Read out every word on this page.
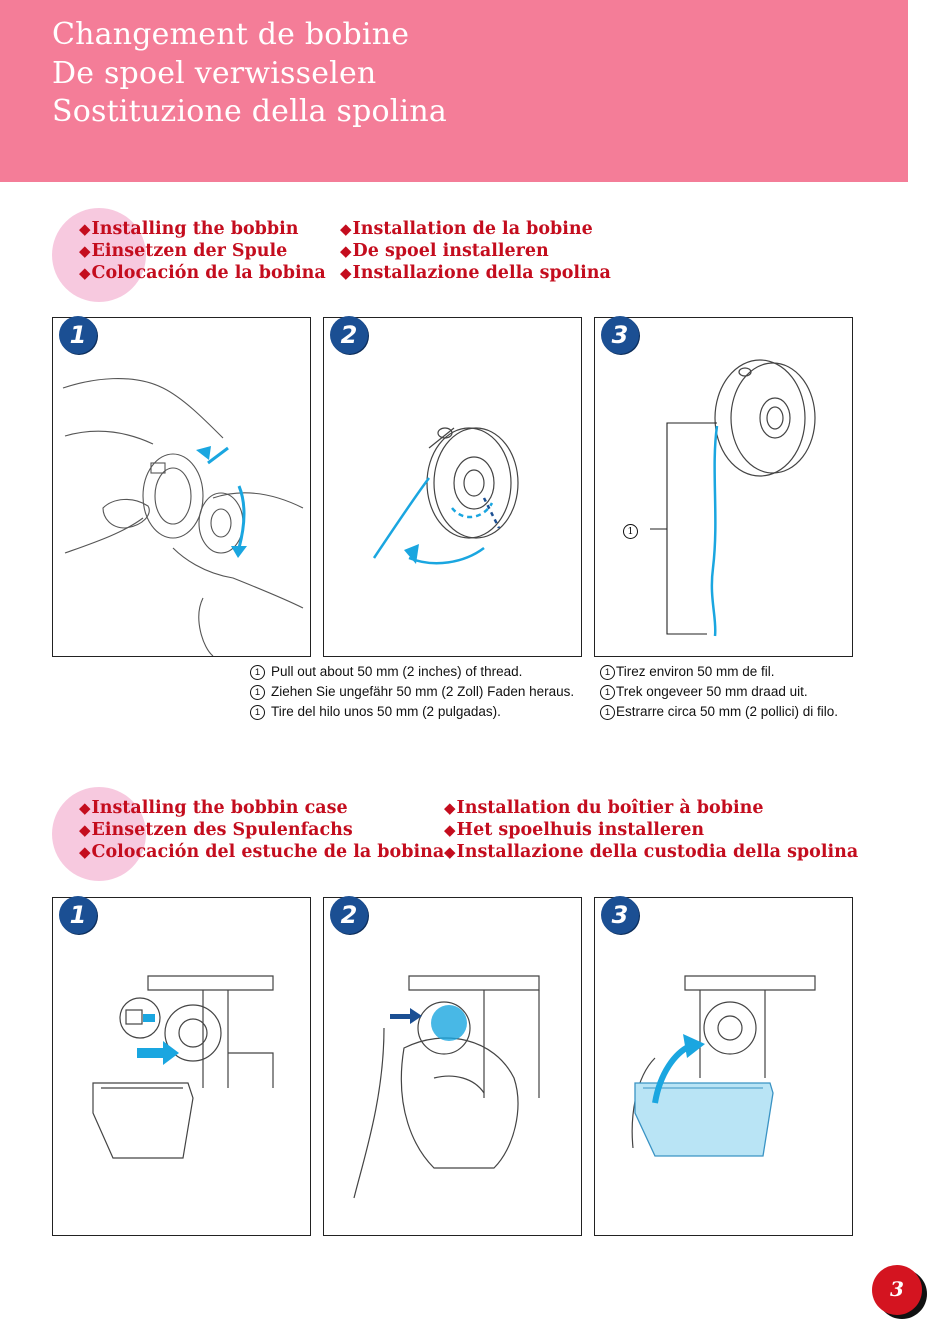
Changement de bobine
De spoel verwisselen
Sostituzione della spolina
◆Installing the bobbin
◆Einsetzen der Spule
◆Colocación de la bobina
◆Installation de la bobine
◆De spoel installeren
◆Installazione della spolina
1	2	3
1
1 Pull out about 50 mm (2 inches) of thread.
1 Ziehen Sie ungefähr 50 mm (2 Zoll) Faden heraus.
1 Tire del hilo unos 50 mm (2 pulgadas).
1 Tirez environ 50 mm de fil.
1 Trek ongeveer 50 mm draad uit.
1 Estrarre circa 50 mm (2 pollici) di filo.
◆Installing the bobbin case
◆Einsetzen des Spulenfachs
◆Colocación del estuche de la bobina
◆Installation du boîtier à bobine
◆Het spoelhuis installeren
◆Installazione della custodia della spolina
1	2	3
3
